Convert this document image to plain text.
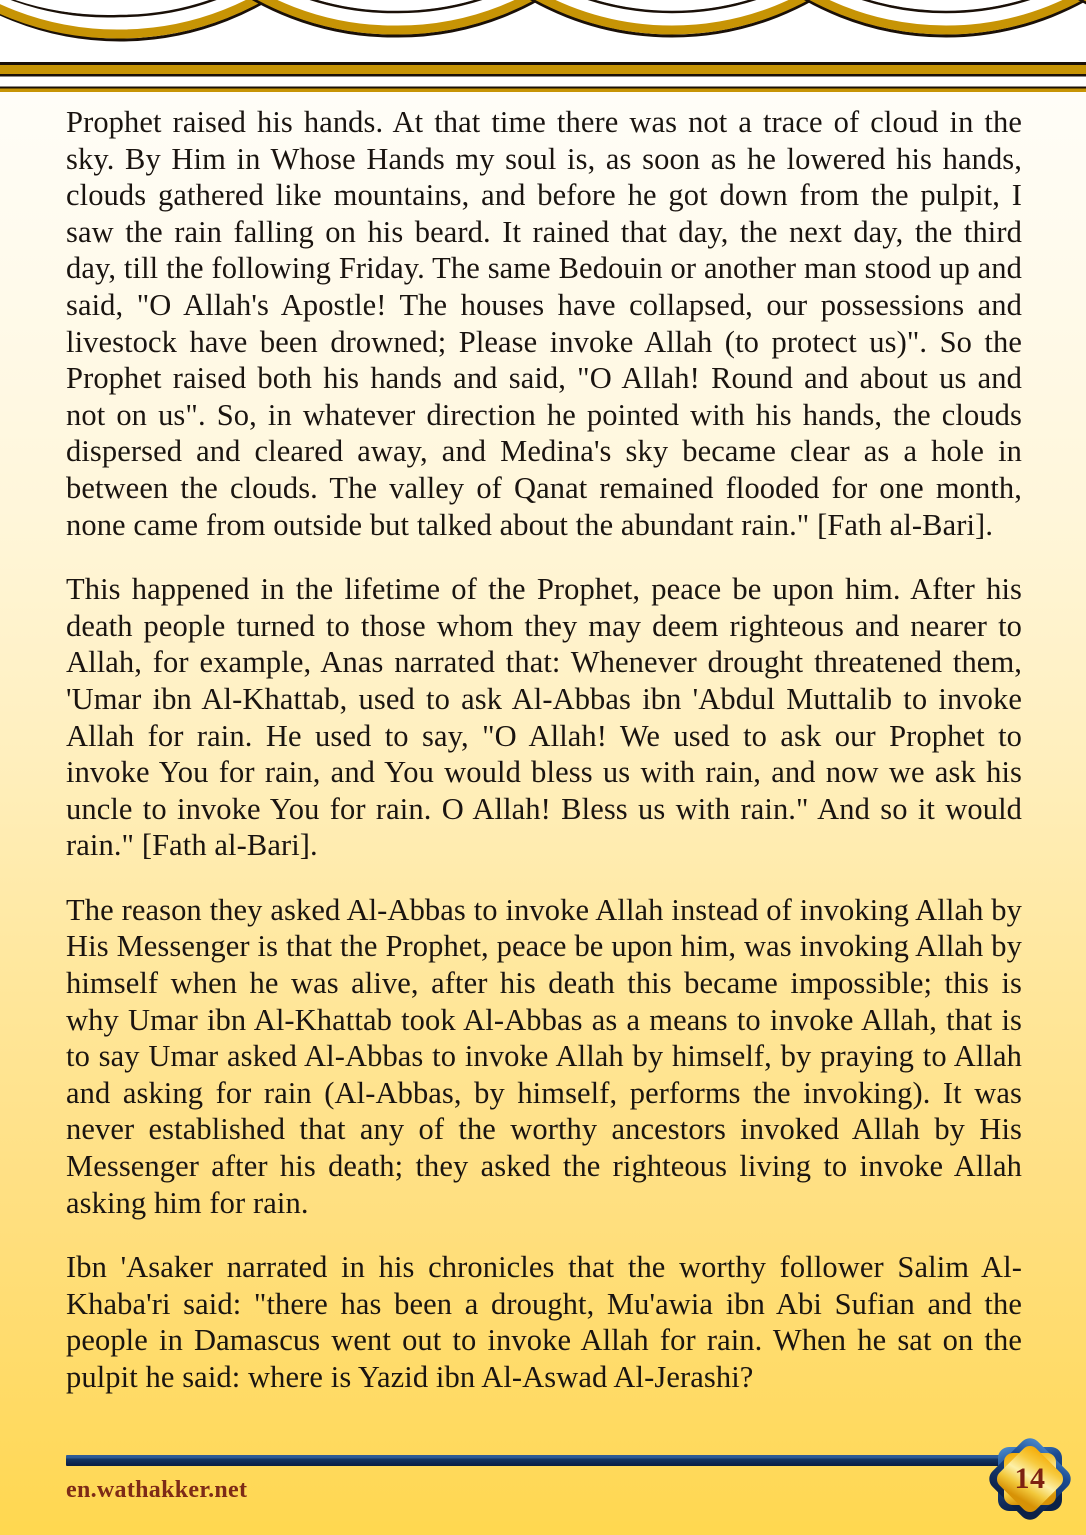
Prophet raised his hands. At that time there was not a trace of cloud in the sky. By Him in Whose Hands my soul is, as soon as he lowered his hands, clouds gathered like mountains, and before he got down from the pulpit, I saw the rain falling on his beard. It rained that day, the next day, the third day, till the following Friday. The same Bedouin or another man stood up and said, "O Allah's Apostle! The houses have collapsed, our possessions and livestock have been drowned; Please invoke Allah (to protect us)". So the Prophet raised both his hands and said, "O Allah! Round and about us and not on us". So, in whatever direction he pointed with his hands, the clouds dispersed and cleared away, and Medina's sky became clear as a hole in between the clouds. The valley of Qanat remained flooded for one month, none came from outside but talked about the abundant rain." [Fath al-Bari].

This happened in the lifetime of the Prophet, peace be upon him. After his death people turned to those whom they may deem righteous and nearer to Allah, for example, Anas narrated that: Whenever drought threatened them, 'Umar ibn Al-Khattab, used to ask Al-Abbas ibn 'Abdul Muttalib to invoke Allah for rain. He used to say, "O Allah! We used to ask our Prophet to invoke You for rain, and You would bless us with rain, and now we ask his uncle to invoke You for rain. O Allah! Bless us with rain." And so it would rain." [Fath al-Bari].

The reason they asked Al-Abbas to invoke Allah instead of invoking Allah by His Messenger is that the Prophet, peace be upon him, was invoking Allah by himself when he was alive, after his death this became impossible; this is why Umar ibn Al-Khattab took Al-Abbas as a means to invoke Allah, that is to say Umar asked Al-Abbas to invoke Allah by himself, by praying to Allah and asking for rain (Al-Abbas, by himself, performs the invoking). It was never established that any of the worthy ancestors invoked Allah by His Messenger after his death; they asked the righteous living to invoke Allah asking him for rain.

Ibn 'Asaker narrated in his chronicles that the worthy follower Salim Al-Khaba'ri said: "there has been a drought, Mu'awia ibn Abi Sufian and the people in Damascus went out to invoke Allah for rain. When he sat on the pulpit he said: where is Yazid ibn Al-Aswad Al-Jerashi?

en.wathakker.net	14
